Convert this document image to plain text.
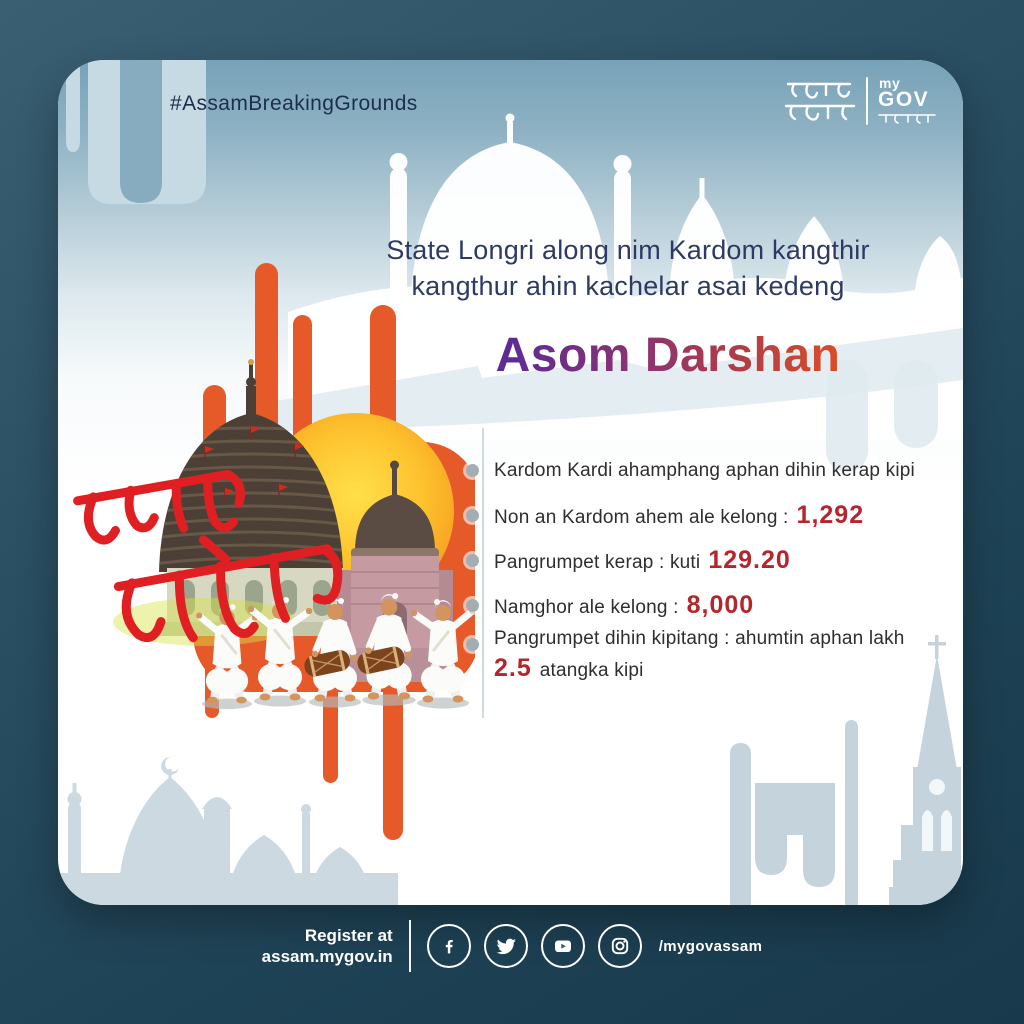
#AssamBreakingGrounds
my
GOV
State Longri along nim Kardom kangthir
kangthur ahin kachelar asai kedeng
Asom Darshan
Kardom Kardi ahamphang aphan dihin kerap kipi
Non an Kardom ahem ale kelong : 1,292
Pangrumpet kerap : kuti 129.20
Namghor ale kelong : 8,000
Pangrumpet dihin kipitang : ahumtin aphan lakh
2.5 atangka kipi
Register at
assam.mygov.in
/mygovassam
